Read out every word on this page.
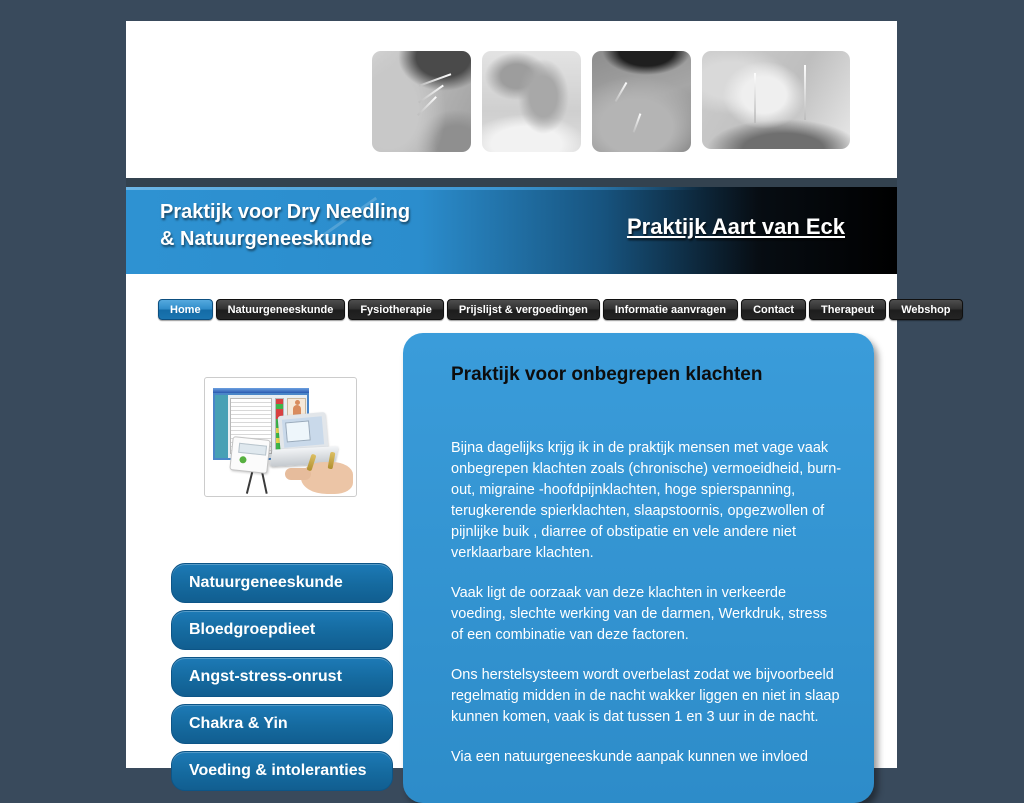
Praktijk voor Dry Needling
& Natuurgeneeskunde	Praktijk Aart van Eck
Home	Natuurgeneeskunde	Fysiotherapie	Prijslijst & vergoedingen	Informatie aanvragen	Contact	Therapeut	Webshop
Natuurgeneeskunde
Bloedgroepdieet
Angst-stress-onrust
Chakra & Yin
Voeding & intoleranties
Praktijk voor onbegrepen klachten

Bijna dagelijks krijg ik in de praktijk mensen met vage vaak onbegrepen klachten zoals (chronische) vermoeidheid, burn-out, migraine -hoofdpijnklachten, hoge spierspanning, terugkerende spierklachten, slaapstoornis, opgezwollen of pijnlijke buik , diarree of obstipatie en vele andere niet verklaarbare klachten.

Vaak ligt de oorzaak van deze klachten in verkeerde voeding, slechte werking van de darmen, Werkdruk, stress of een combinatie van deze factoren.

Ons herstelsysteem wordt overbelast zodat we bijvoorbeeld regelmatig midden in de nacht wakker liggen en niet in slaap kunnen komen, vaak is dat tussen 1 en 3 uur in de nacht.

Via een natuurgeneeskunde aanpak kunnen we invloed
